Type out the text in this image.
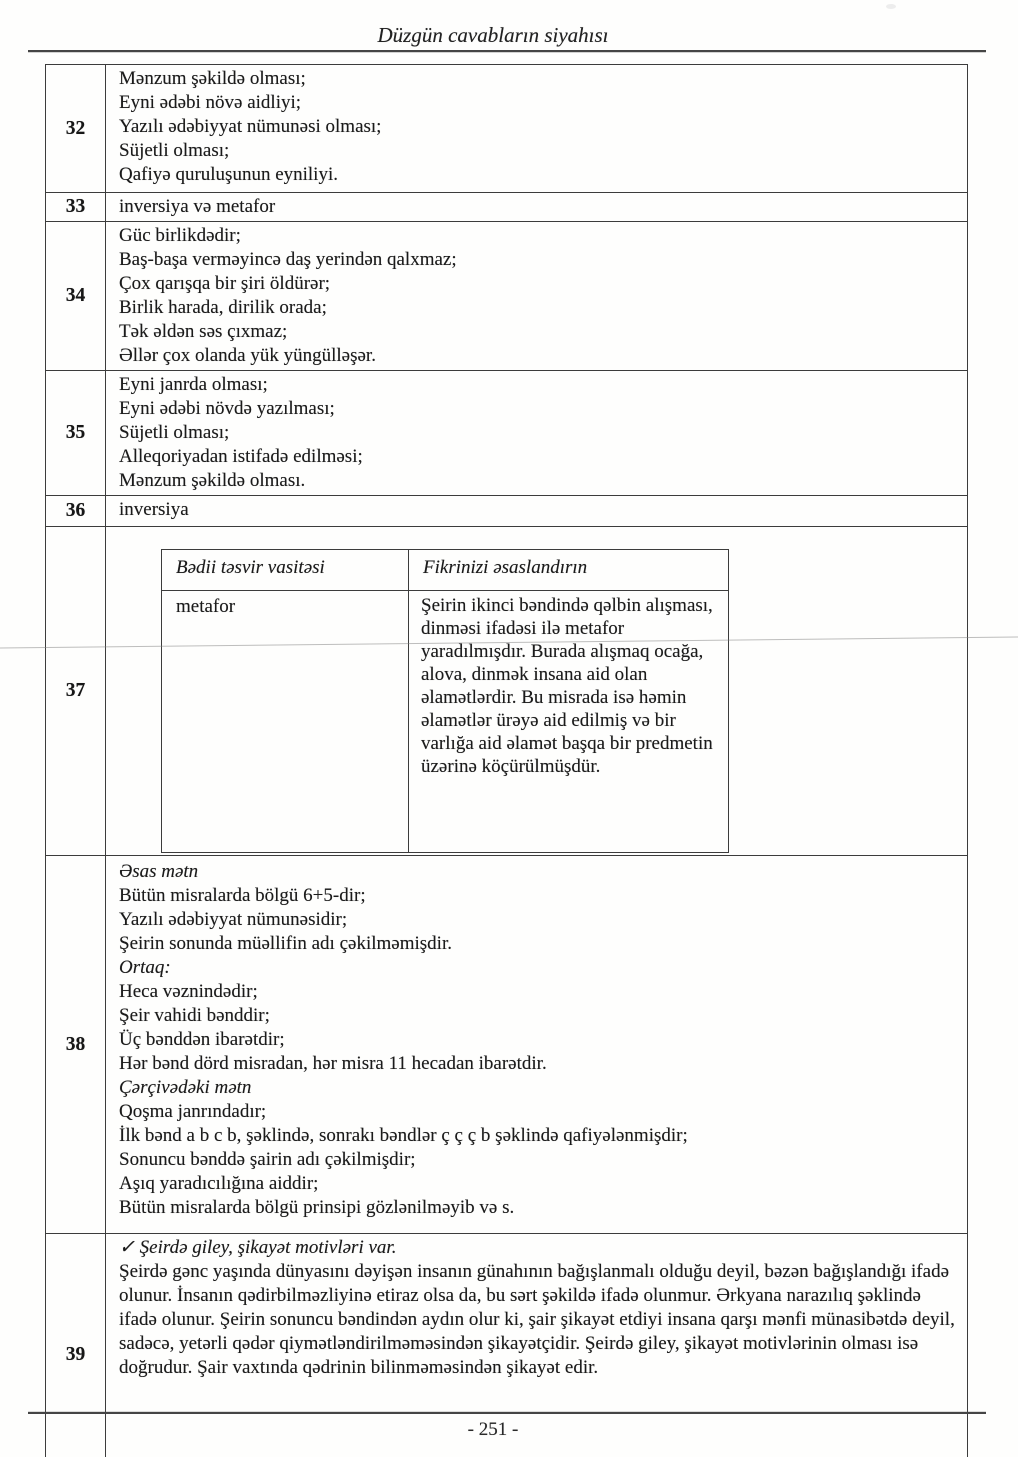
Düzgün cavabların siyahısı
32	
Mənzum şəkildə olması;
Eyni ədəbi növə aidliyi;
Yazılı ədəbiyyat nümunəsi olması;
Süjetli olması;
Qafiyə quruluşunun eyniliyi.

33	inversiya və metafor

34	
Güc birlikdədir;
Baş-başa verməyincə daş yerindən qalxmaz;
Çox qarışqa bir şiri öldürər;
Birlik harada, dirilik orada;
Tək əldən səs çıxmaz;
Əllər çox olanda yük yüngülləşər.

35	
Eyni janrda olması;
Eyni ədəbi növdə yazılması;
Süjetli olması;
Alleqoriyadan istifadə edilməsi;
Mənzum şəkildə olması.

36	inversiya

37	
Bədii təsvir vasitəsi	Fikrinizi əsaslandırın
metafor	Şeirin ikinci bəndində qəlbin alışması, dinməsi ifadəsi ilə metafor yaradılmışdır. Burada alışmaq ocağa, alova, dinmək insana aid olan əlamətlərdir. Bu misrada isə həmin əlamətlər ürəyə aid edilmiş və bir varlığa aid əlamət başqa bir predmetin üzərinə köçürülmüşdür.

38	
Əsas mətn
Bütün misralarda bölgü 6+5-dir;
Yazılı ədəbiyyat nümunəsidir;
Şeirin sonunda müəllifin adı çəkilməmişdir.
Ortaq:
Heca vəznindədir;
Şeir vahidi bənddir;
Üç bənddən ibarətdir;
Hər bənd dörd misradan, hər misra 11 hecadan ibarətdir.
Çərçivədəki mətn
Qoşma janrındadır;
İlk bənd a b c b, şəklində, sonrakı bəndlər ç ç ç b şəklində qafiyələnmişdir;
Sonuncu bənddə şairin adı çəkilmişdir;
Aşıq yaradıcılığına aiddir;
Bütün misralarda bölgü prinsipi gözlənilməyib və s.

39	
✓ Şeirdə giley, şikayət motivləri var.
Şeirdə gənc yaşında dünyasını dəyişən insanın günahının bağışlanmalı olduğu deyil, bəzən bağışlandığı ifadə olunur. İnsanın qədirbilməzliyinə etiraz olsa da, bu sərt şəkildə ifadə olunmur. Ərkyana narazılıq şəklində ifadə olunur. Şeirin sonuncu bəndindən aydın olur ki, şair şikayət etdiyi insana qarşı mənfi münasibətdə deyil, sadəcə, yetərli qədər qiymətləndirilməməsindən şikayətçidir. Şeirdə giley, şikayət motivlərinin olması isə doğrudur. Şair vaxtında qədrinin bilinməməsindən şikayət edir.

- 251 -
